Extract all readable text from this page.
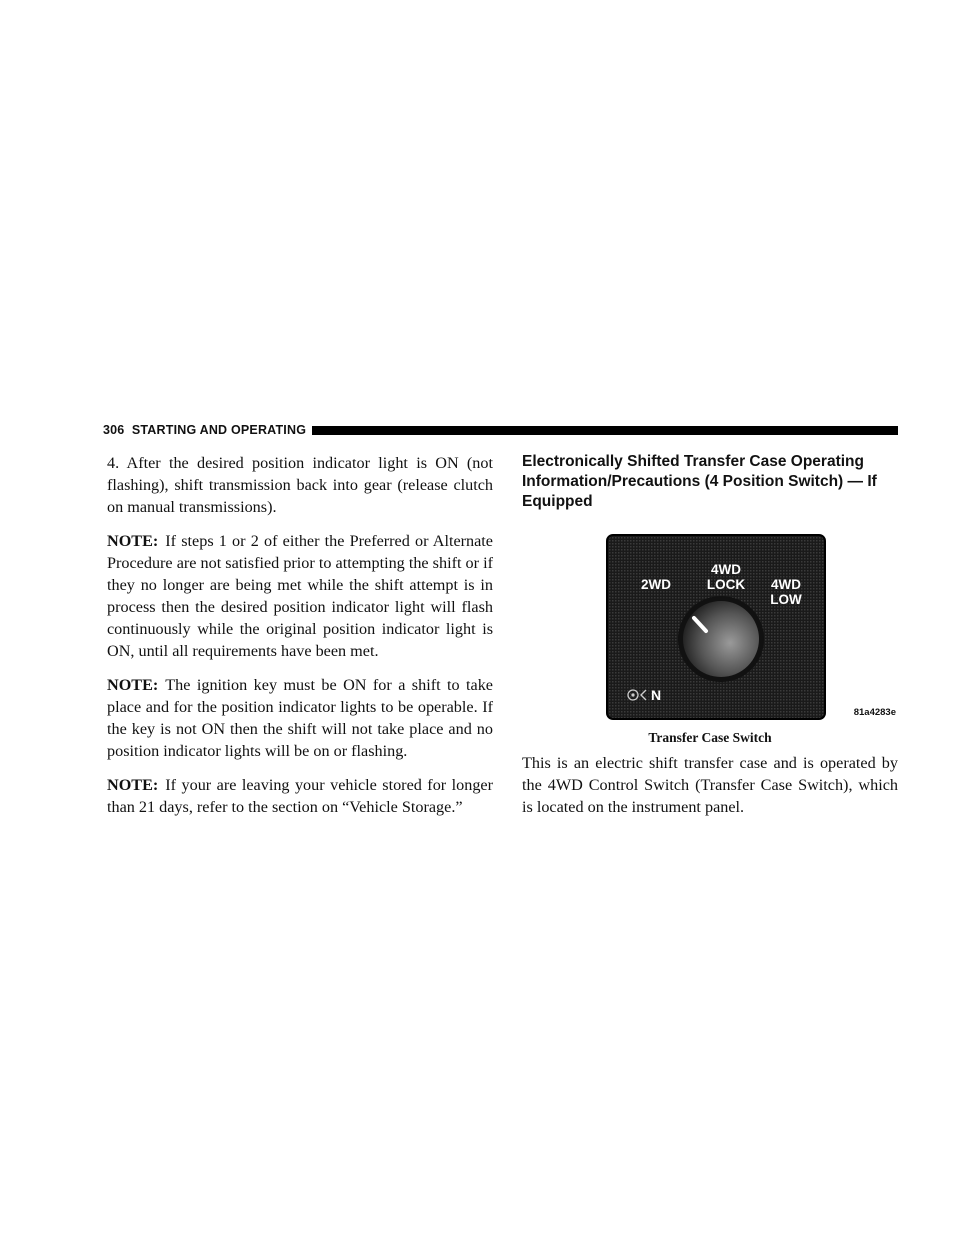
306 STARTING AND OPERATING

4. After the desired position indicator light is ON (not flashing), shift transmission back into gear (release clutch on manual transmissions).

NOTE: If steps 1 or 2 of either the Preferred or Alternate Procedure are not satisfied prior to attempting the shift or if they no longer are being met while the shift attempt is in process then the desired position indicator light will flash continuously while the original position indicator light is ON, until all requirements have been met.

NOTE: The ignition key must be ON for a shift to take place and for the position indicator lights to be operable. If the key is not ON then the shift will not take place and no position indicator lights will be on or flashing.

NOTE: If your are leaving your vehicle stored for longer than 21 days, refer to the section on “Vehicle Storage.”

Electronically Shifted Transfer Case Operating Information/Precautions (4 Position Switch) — If Equipped
4WD
LOCK
2WD	4WD
LOW
N
81a4283e
Transfer Case Switch

This is an electric shift transfer case and is operated by the 4WD Control Switch (Transfer Case Switch), which is located on the instrument panel.
